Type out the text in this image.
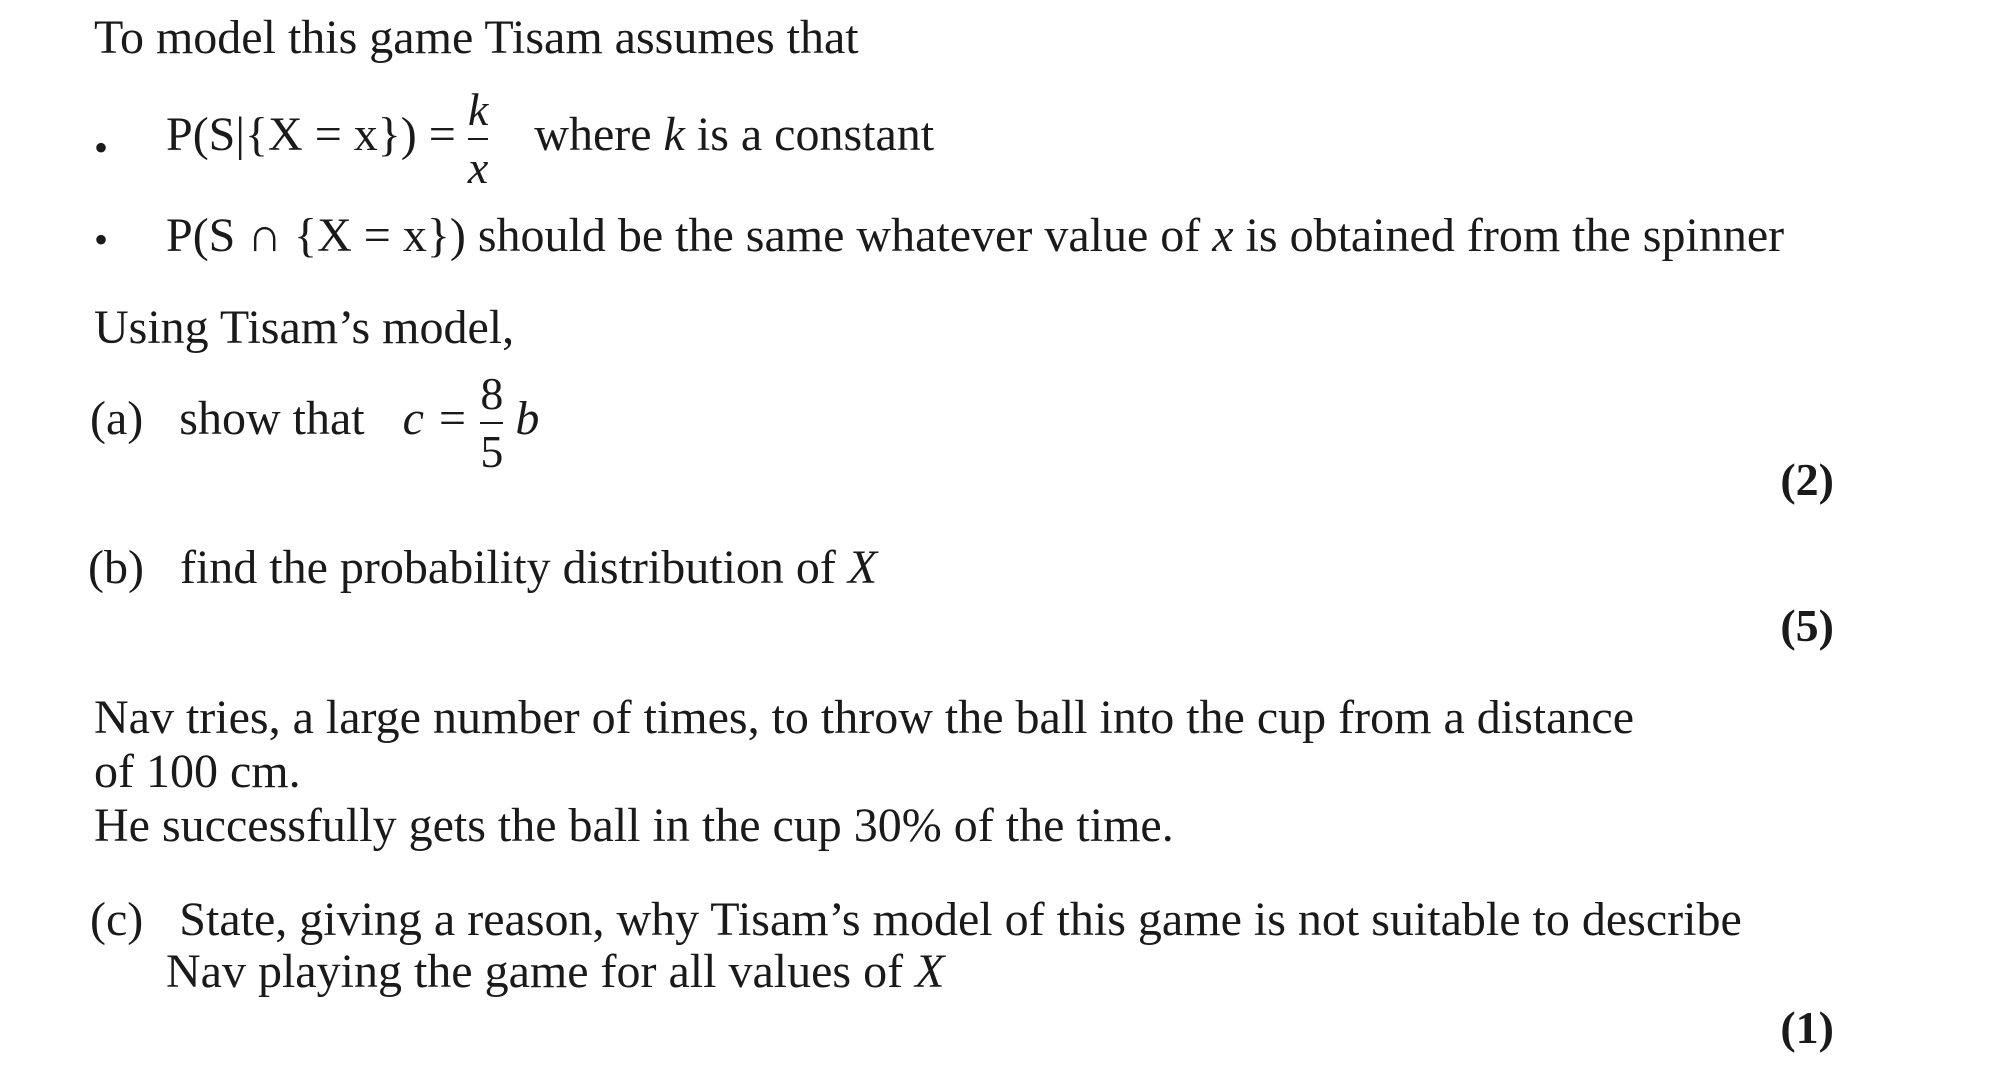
To model this game Tisam assumes that
• $P(S|\{X = x\}) = \frac{k}{x}$ where k is a constant
• P(S ∩ {X = x}) should be the same whatever value of x is obtained from the spinner
Using Tisam’s model,
(a) show that $c = \frac{8}{5}$ b
(2)
(b) find the probability distribution of X
(5)
Nav tries, a large number of times, to throw the ball into the cup from a distance
of 100 cm.
He successfully gets the ball in the cup 30% of the time.
(c) State, giving a reason, why Tisam’s model of this game is not suitable to describe
Nav playing the game for all values of X
(1)
